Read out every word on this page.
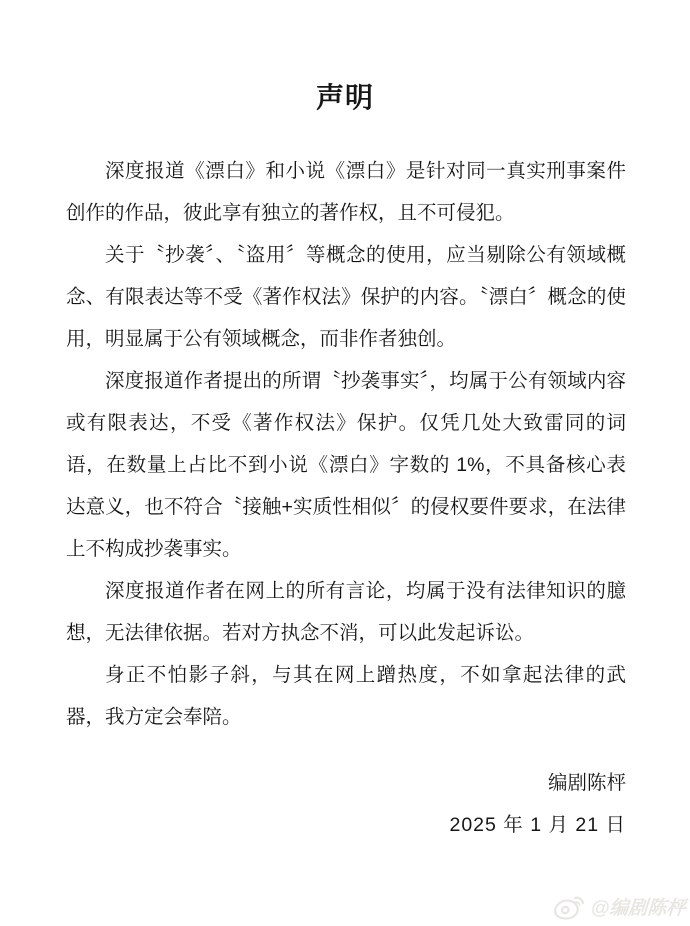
声明

深度报道《漂白》和小说《漂白》是针对同一真实刑事案件创作的作品，彼此享有独立的著作权，且不可侵犯。

关于〝抄袭〞、〝盗用〞等概念的使用，应当剔除公有领域概念、有限表达等不受《著作权法》保护的内容。〝漂白〞概念的使用，明显属于公有领域概念，而非作者独创。

深度报道作者提出的所谓〝抄袭事实〞，均属于公有领域内容或有限表达，不受《著作权法》保护。仅凭几处大致雷同的词语，在数量上占比不到小说《漂白》字数的 1%，不具备核心表达意义，也不符合〝接触+实质性相似〞的侵权要件要求，在法律上不构成抄袭事实。

深度报道作者在网上的所有言论，均属于没有法律知识的臆想，无法律依据。若对方执念不消，可以此发起诉讼。

身正不怕影子斜，与其在网上蹭热度，不如拿起法律的武器，我方定会奉陪。

编剧陈枰
2025 年 1 月 21 日
@编剧陈枰
